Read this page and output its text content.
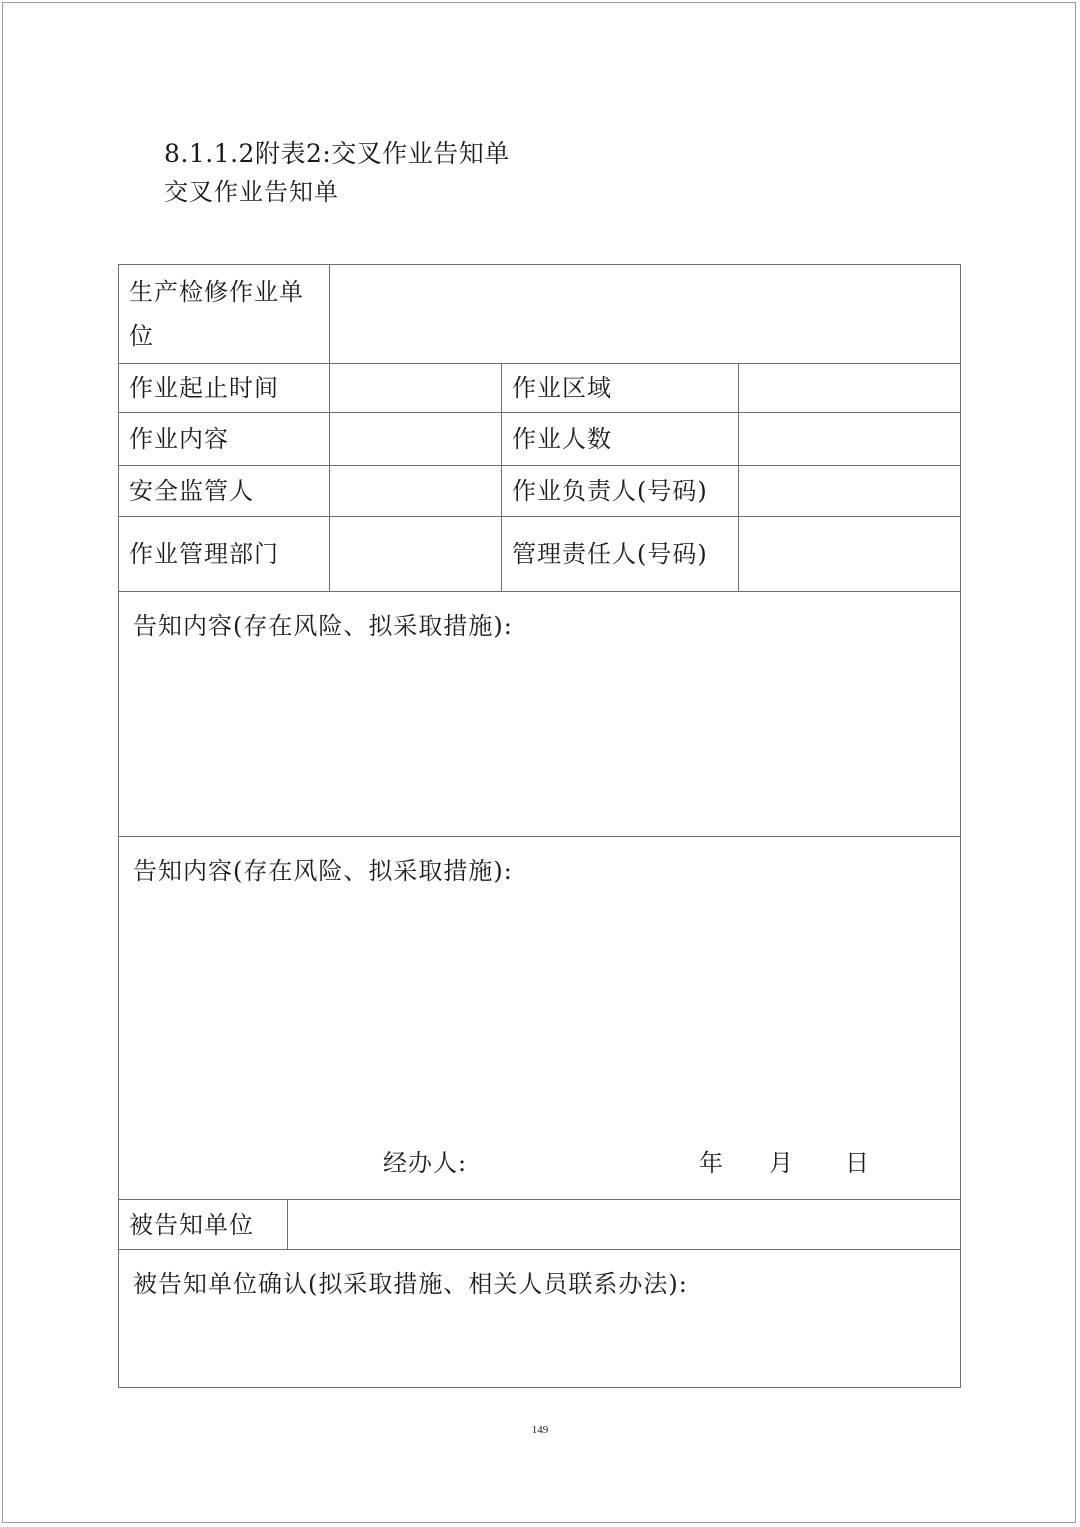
8.1.1.2附表2:交叉作业告知单
交叉作业告知单
生产检修作业单位				
作业起止时间			作业区域	
作业内容			作业人数	
安全监管人			作业负责人(号码)	
作业管理部门			管理责任人(号码)	
告知内容(存在风险、拟采取措施):				
告知内容(存在风险、拟采取措施):
经办人: 年 月 日				

被告知单位				
被告知单位确认(拟采取措施、相关人员联系办法):				
149
